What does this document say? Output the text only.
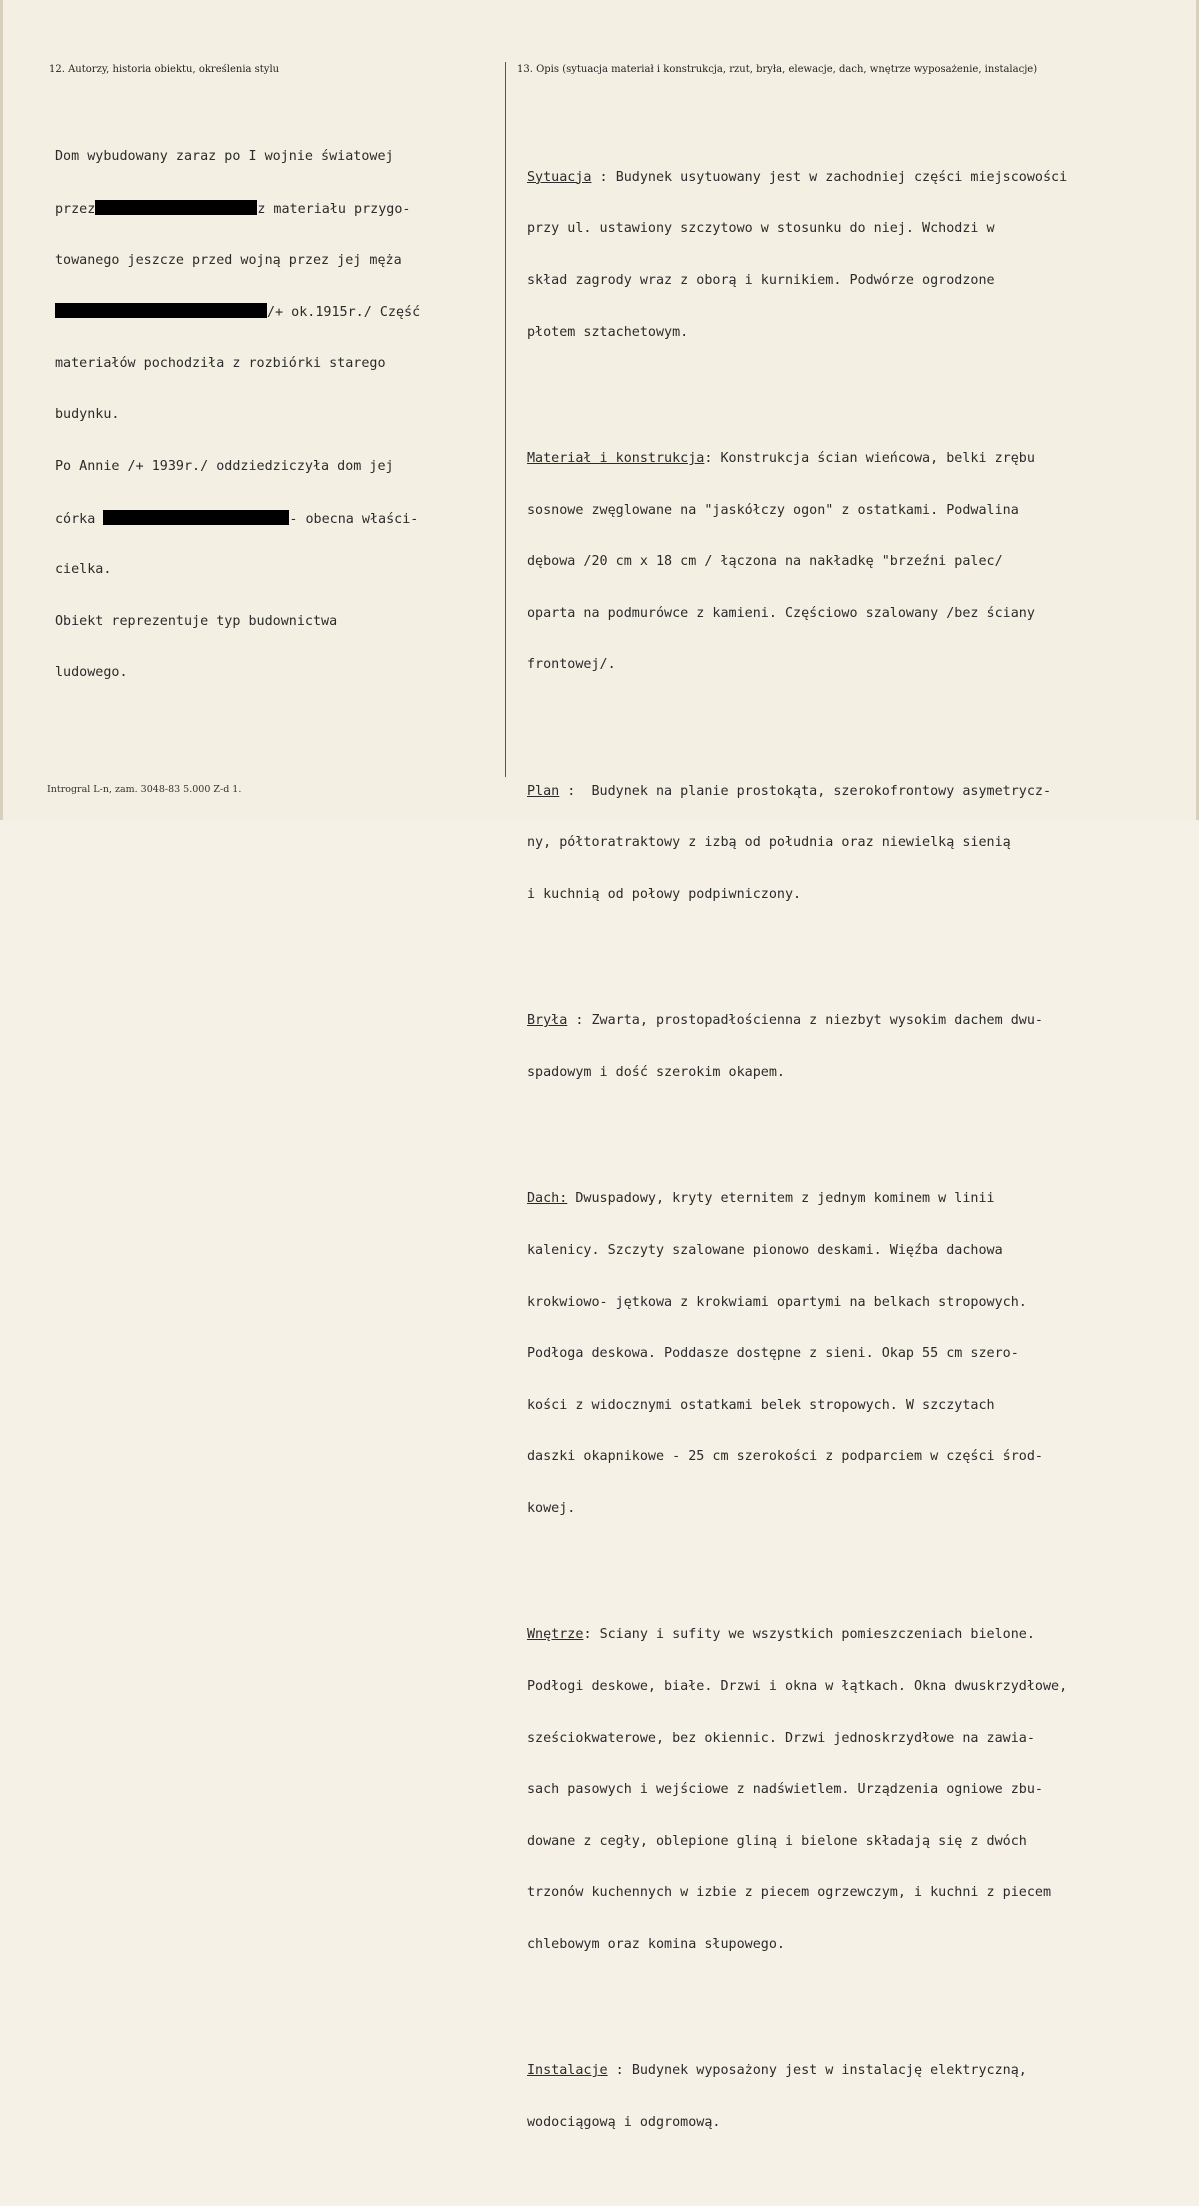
12. Autorzy, historia obiektu, określenia stylu	13. Opis (sytuacja materiał i konstrukcja, rzut, bryła, elewacje, dach, wnętrze wyposażenie, instalacje)

Dom wybudowany zaraz po I wojnie światowej

przez	z materiału przygo-

towanego jeszcze przed wojną przez jej męża

/+ ok.1915r./ Część

materiałów pochodziła z rozbiórki starego

budynku.

Po Annie /+ 1939r./ oddziedziczyła dom jej

córka	- obecna właści-

cielka.

Obiekt reprezentuje typ budownictwa

ludowego.

Sytuacja : Budynek usytuowany jest w zachodniej części miejscowości

przy ul. ustawiony szczytowo w stosunku do niej. Wchodzi w

skład zagrody wraz z oborą i kurnikiem. Podwórze ogrodzone

płotem sztachetowym.

Materiał i konstrukcja: Konstrukcja ścian wieńcowa, belki zrębu

sosnowe zwęglowane na "jaskółczy ogon" z ostatkami. Podwalina

dębowa /20 cm x 18 cm / łączona na nakładkę "brzeźni palec/

oparta na podmurówce z kamieni. Częściowo szalowany /bez ściany

frontowej/.

Plan :  Budynek na planie prostokąta, szerokofrontowy asymetrycz-

ny, półtoratraktowy z izbą od południa oraz niewielką sienią

i kuchnią od połowy podpiwniczony.

Bryła : Zwarta, prostopadłościenna z niezbyt wysokim dachem dwu-

spadowym i dość szerokim okapem.

Dach: Dwuspadowy, kryty eternitem z jednym kominem w linii

kalenicy. Szczyty szalowane pionowo deskami. Więźba dachowa

krokwiowo- jętkowa z krokwiami opartymi na belkach stropowych.

Podłoga deskowa. Poddasze dostępne z sieni. Okap 55 cm szero-

kości z widocznymi ostatkami belek stropowych. W szczytach

daszki okapnikowe - 25 cm szerokości z podparciem w części środ-

kowej.

Wnętrze: Sciany i sufity we wszystkich pomieszczeniach bielone.

Podłogi deskowe, białe. Drzwi i okna w łątkach. Okna dwuskrzydłowe,

sześciokwaterowe, bez okiennic. Drzwi jednoskrzydłowe na zawia-

sach pasowych i wejściowe z nadświetlem. Urządzenia ogniowe zbu-

dowane z cegły, oblepione gliną i bielone składają się z dwóch

trzonów kuchennych w izbie z piecem ogrzewczym, i kuchni z piecem

chlebowym oraz komina słupowego.

Instalacje : Budynek wyposażony jest w instalację elektryczną,

wodociągową i odgromową.

Introgral L-n, zam. 3048-83 5.000 Z-d 1.
